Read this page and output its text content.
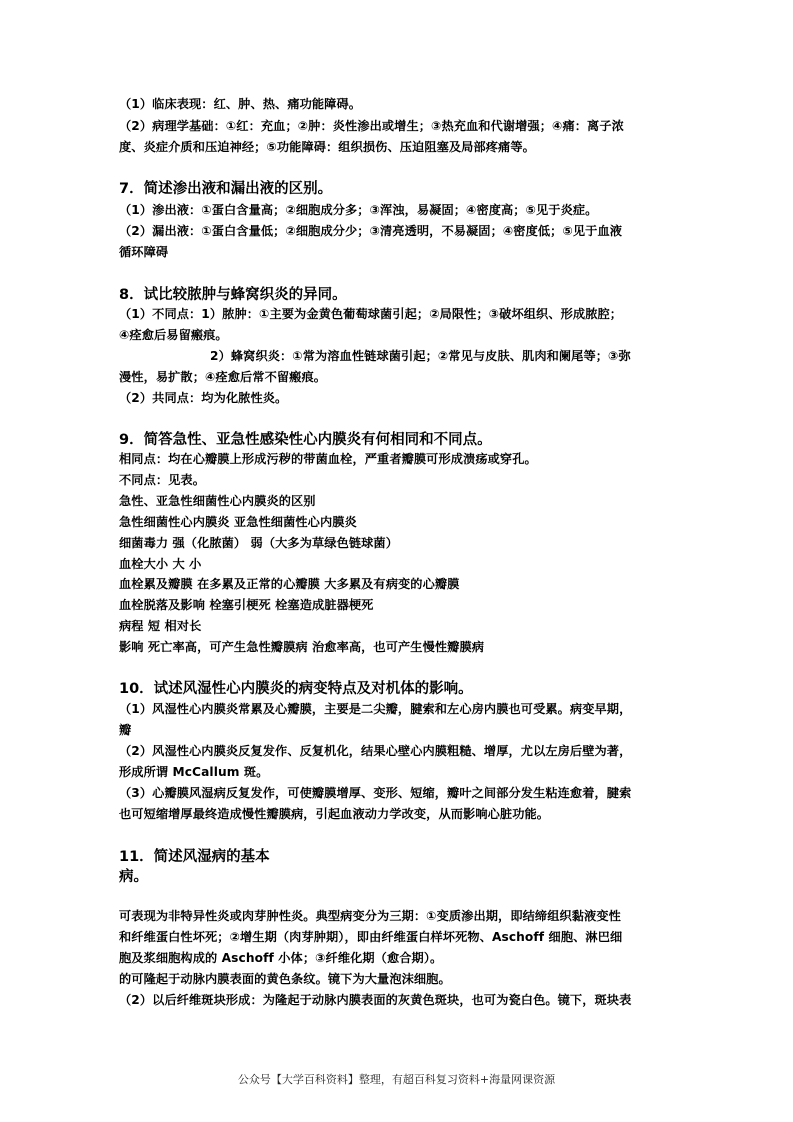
（1）临床表现：红、肿、热、痛功能障碍。
（2）病理学基础：①红：充血；②肿：炎性渗出或增生；③热充血和代谢增强；④痛：离子浓
度、炎症介质和压迫神经；⑤功能障碍：组织损伤、压迫阻塞及局部疼痛等。
7．简述渗出液和漏出液的区别。
（1）渗出液：①蛋白含量高；②细胞成分多；③浑浊，易凝固；④密度高；⑤见于炎症。
（2）漏出液：①蛋白含量低；②细胞成分少；③清亮透明，不易凝固；④密度低；⑤见于血液
循环障碍
8．试比较脓肿与蜂窝织炎的异同。
（1）不同点：1）脓肿：①主要为金黄色葡萄球菌引起；②局限性；③破坏组织、形成脓腔；
④痊愈后易留瘢痕。
2）蜂窝织炎：①常为溶血性链球菌引起；②常见与皮肤、肌肉和阑尾等；③弥
漫性，易扩散；④痊愈后常不留瘢痕。
（2）共同点：均为化脓性炎。
9．简答急性、亚急性感染性心内膜炎有何相同和不同点。
相同点：均在心瓣膜上形成污秽的带菌血栓，严重者瓣膜可形成溃疡或穿孔。
不同点：见表。
急性、亚急性细菌性心内膜炎的区别
急性细菌性心内膜炎 亚急性细菌性心内膜炎
细菌毒力 强（化脓菌） 弱（大多为草绿色链球菌）
血栓大小 大 小
血栓累及瓣膜 在多累及正常的心瓣膜 大多累及有病变的心瓣膜
血栓脱落及影响 栓塞引梗死 栓塞造成脏器梗死
病程 短 相对长
影响 死亡率高，可产生急性瓣膜病 治愈率高，也可产生慢性瓣膜病
10．试述风湿性心内膜炎的病变特点及对机体的影响。
（1）风湿性心内膜炎常累及心瓣膜，主要是二尖瓣，腱索和左心房内膜也可受累。病变早期，
瓣
（2）风湿性心内膜炎反复发作、反复机化，结果心壁心内膜粗糙、增厚，尤以左房后壁为著，
形成所谓 McCallum 斑。
（3）心瓣膜风湿病反复发作，可使瓣膜增厚、变形、短缩，瓣叶之间部分发生粘连愈着，腱索
也可短缩增厚最终造成慢性瓣膜病，引起血液动力学改变，从而影响心脏功能。
11．简述风湿病的基本
病。
可表现为非特异性炎或肉芽肿性炎。典型病变分为三期：①变质渗出期，即结缔组织黏液变性
和纤维蛋白性坏死；②增生期（肉芽肿期），即由纤维蛋白样坏死物、Aschoff 细胞、淋巴细
胞及浆细胞构成的 Aschoff 小体；③纤维化期（愈合期）。
的可隆起于动脉内膜表面的黄色条纹。镜下为大量泡沫细胞。
（2）以后纤维斑块形成：为隆起于动脉内膜表面的灰黄色斑块，也可为瓷白色。镜下，斑块表
公众号【大学百科资料】整理，有超百科复习资料+海量网课资源
